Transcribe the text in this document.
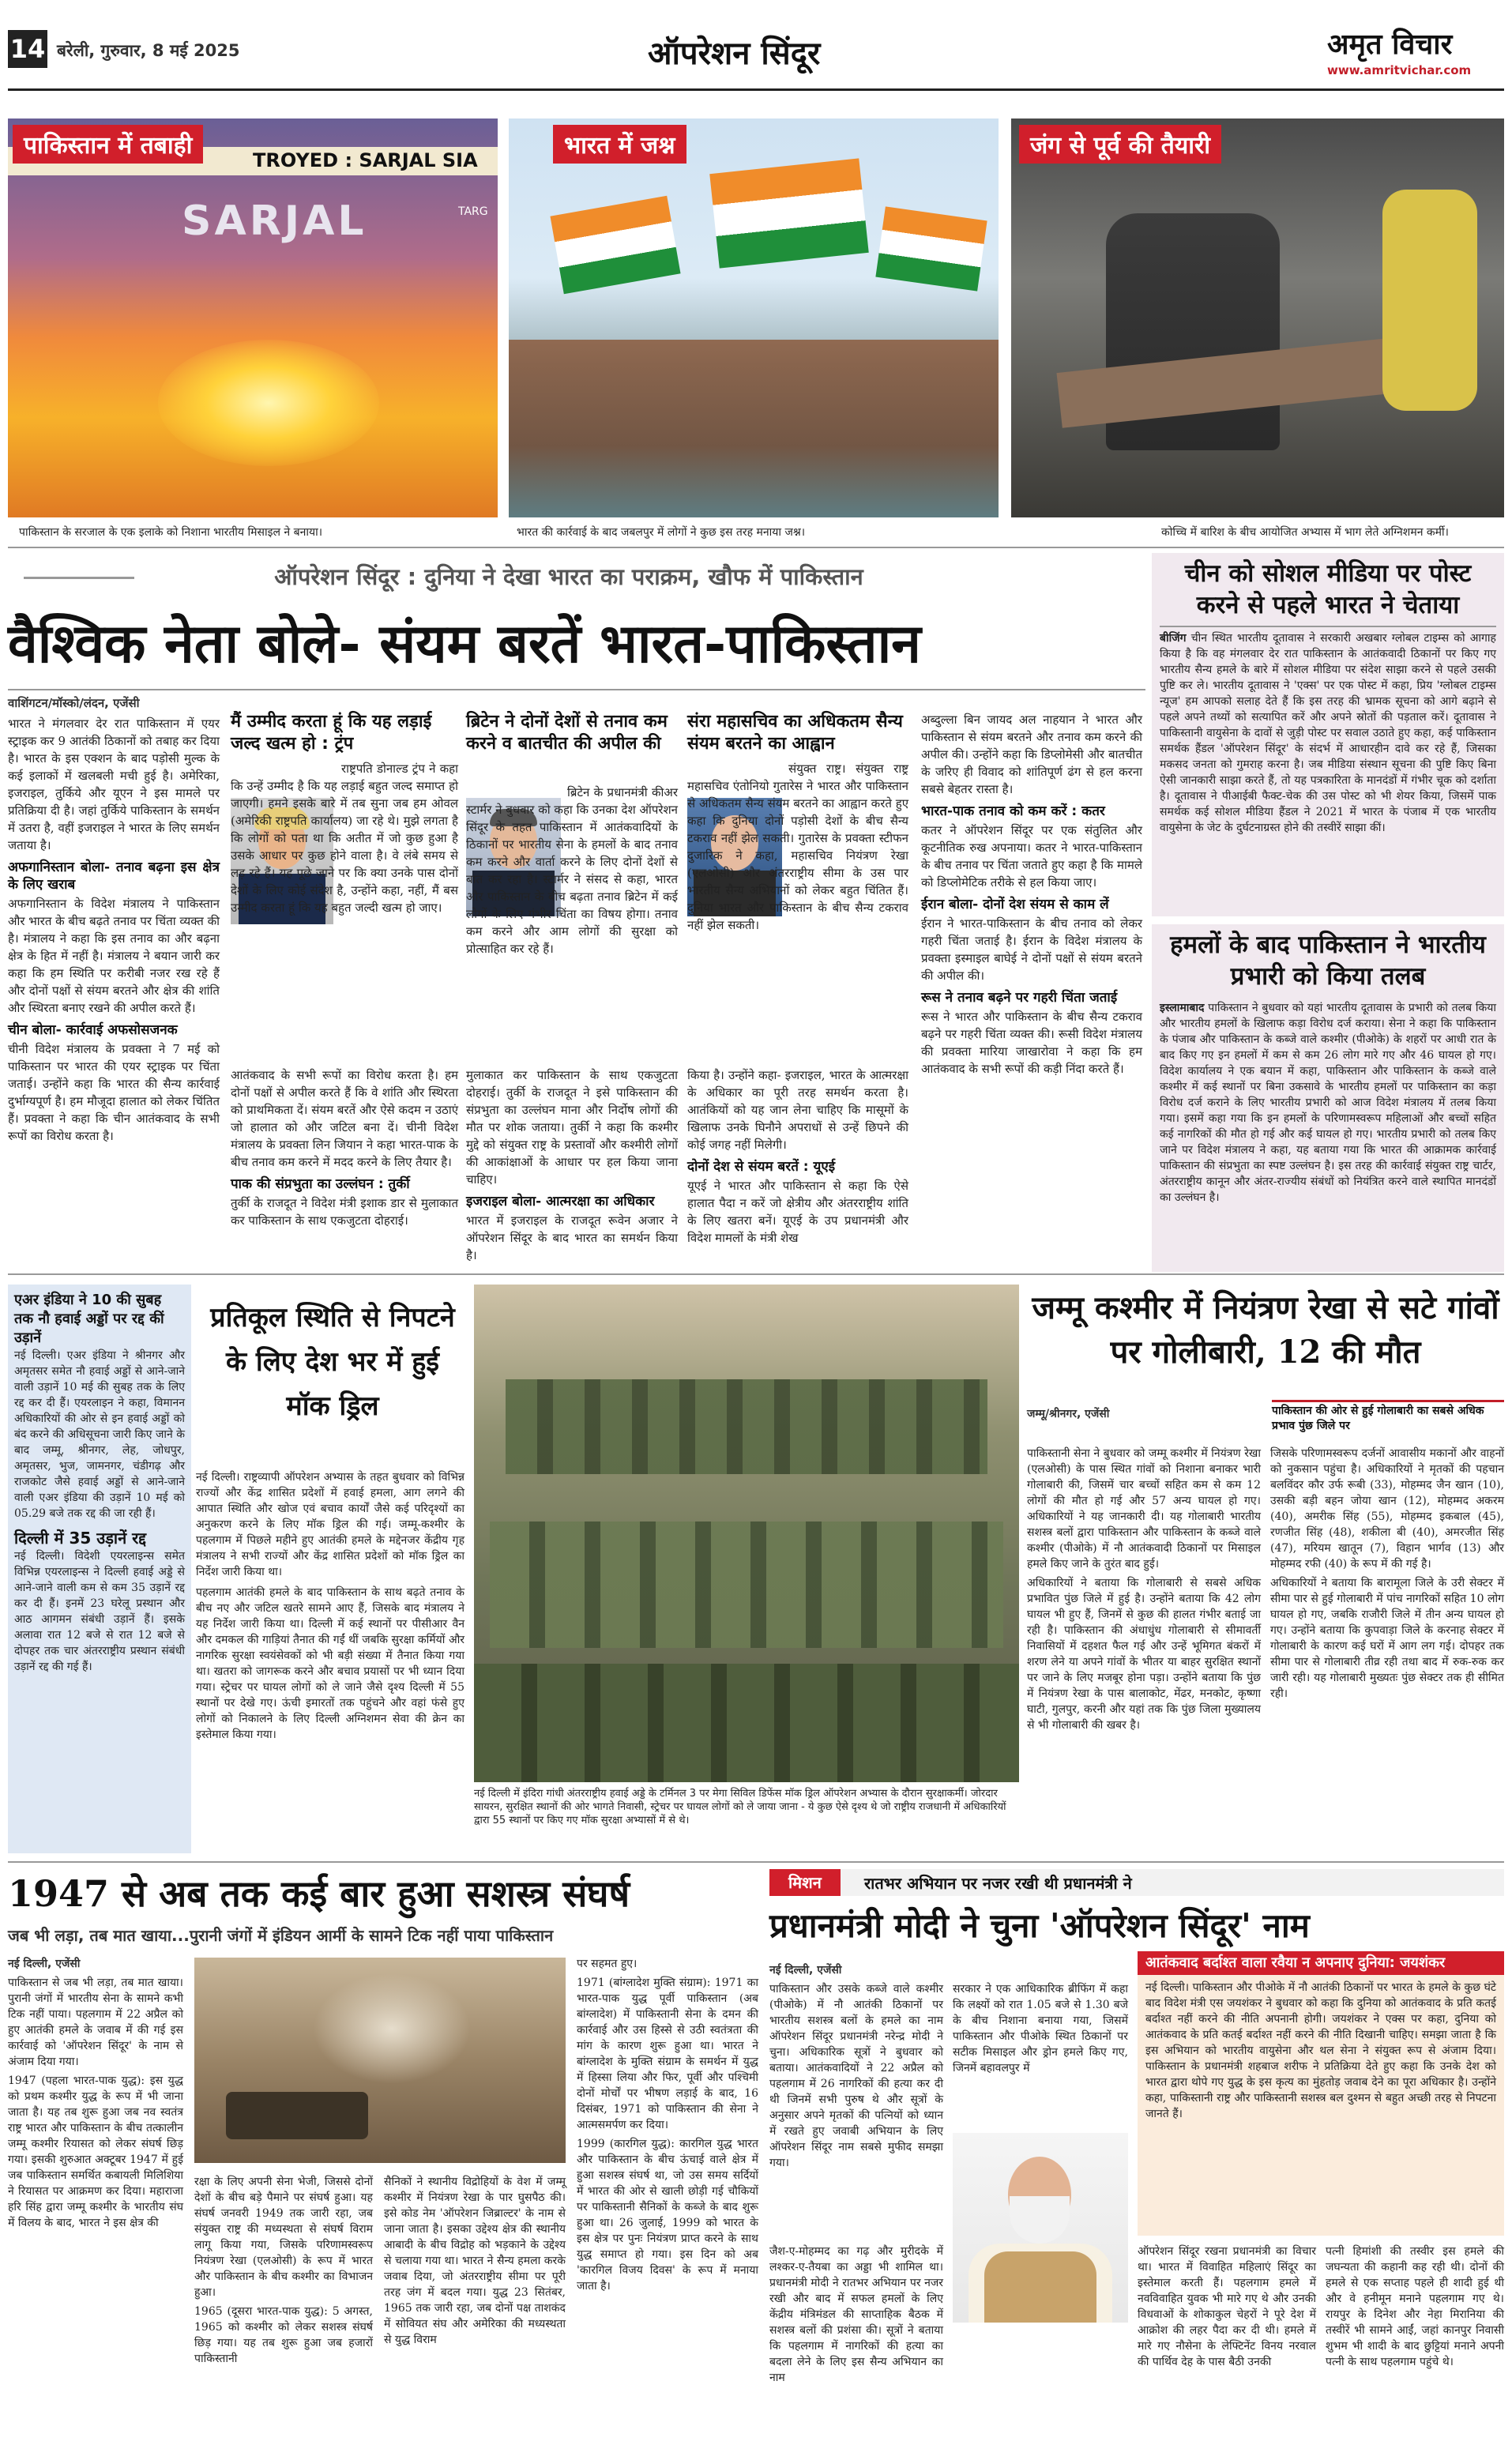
14 बरेली, गुरुवार, 8 मई 2025	ऑपरेशन सिंदूर	अमृत विचार
www.amritvichar.com
TROYED : SARJAL SIA
SARJAL	TARG
पाकिस्तान में तबाही
पाकिस्तान के सरजाल के एक इलाके को निशाना भारतीय मिसाइल ने बनाया।
भारत में जश्न
भारत की कार्रवाई के बाद जबलपुर में लोगों ने कुछ इस तरह मनाया जश्न।
जंग से पूर्व की तैयारी
कोच्चि में बारिश के बीच आयोजित अभ्यास में भाग लेते अग्निशमन कर्मी।
ऑपरेशन सिंदूर : दुनिया ने देखा भारत का पराक्रम, खौफ में पाकिस्तान
वैश्विक नेता बोले- संयम बरतें भारत-पाकिस्तान
वाशिंगटन/मॉस्को/लंदन, एजेंसी
भारत ने मंगलवार देर रात पाकिस्तान में एयर स्ट्राइक कर 9 आतंकी ठिकानों को तबाह कर दिया है। भारत के इस एक्शन के बाद पड़ोसी मुल्क के कई इलाकों में खलबली मची हुई है। अमेरिका, इजराइल, तुर्किये और यूएन ने इस मामले पर प्रतिक्रिया दी है। जहां तुर्किये पाकिस्तान के समर्थन में उतरा है, वहीं इजराइल ने भारत के लिए समर्थन जताया है।
अफगानिस्तान बोला- तनाव बढ़ना इस क्षेत्र के लिए खराब
अफगानिस्तान के विदेश मंत्रालय ने पाकिस्तान और भारत के बीच बढ़ते तनाव पर चिंता व्यक्त की है। मंत्रालय ने कहा कि इस तनाव का और बढ़ना क्षेत्र के हित में नहीं है। मंत्रालय ने बयान जारी कर कहा कि हम स्थिति पर करीबी नजर रख रहे हैं और दोनों पक्षों से संयम बरतने और क्षेत्र की शांति और स्थिरता बनाए रखने की अपील करते हैं।
चीन बोला- कार्रवाई अफसोसजनक
चीनी विदेश मंत्रालय के प्रवक्ता ने 7 मई को पाकिस्तान पर भारत की एयर स्ट्राइक पर चिंता जताई। उन्होंने कहा कि भारत की सैन्य कार्रवाई दुर्भाग्यपूर्ण है। हम मौजूदा हालात को लेकर चिंतित हैं। प्रवक्ता ने कहा कि चीन आतंकवाद के सभी रूपों का विरोध करता है।
मैं उम्मीद करता हूं कि यह लड़ाई जल्द खत्म हो : ट्रंप
राष्ट्रपति डोनाल्ड ट्रंप ने कहा कि उन्हें उम्मीद है कि यह लड़ाई बहुत जल्द समाप्त हो जाएगी। हमने इसके बारे में तब सुना जब हम ओवल (अमेरिकी राष्ट्रपति कार्यालय) जा रहे थे। मुझे लगता है कि लोगों को पता था कि अतीत में जो कुछ हुआ है उसके आधार पर कुछ होने वाला है। वे लंबे समय से लड़ रहे हैं। यह पूछे जाने पर कि क्या उनके पास दोनों देशों के लिए कोई संदेश है, उन्होंने कहा, नहीं, मैं बस उम्मीद करता हूं कि यह बहुत जल्दी खत्म हो जाए।
ब्रिटेन ने दोनों देशों से तनाव कम करने व बातचीत की अपील की
ब्रिटेन के प्रधानमंत्री कीअर स्टार्मर ने बुधवार को कहा कि उनका देश ऑपरेशन सिंदूर के तहत पाकिस्तान में आतंकवादियों के ठिकानों पर भारतीय सेना के हमलों के बाद तनाव कम करने और वार्ता करने के लिए दोनों देशों से बात कर रहा है। स्टार्मर ने संसद से कहा, भारत और पाकिस्तान के बीच बढ़ता तनाव ब्रिटेन में कई लोगों के लिए गंभीर चिंता का विषय होगा। तनाव कम करने और आम लोगों की सुरक्षा को प्रोत्साहित कर रहे हैं।
संरा महासचिव का अधिकतम सैन्य संयम बरतने का आह्वान
संयुक्त राष्ट्र। संयुक्त राष्ट्र महासचिव एंतोनियो गुतारेस ने भारत और पाकिस्तान से अधिकतम सैन्य संयम बरतने का आह्वान करते हुए कहा कि दुनिया दोनों पड़ोसी देशों के बीच सैन्य टकराव नहीं झेल सकती। गुतारेस के प्रवक्ता स्टीफन दुजारिक ने कहा, महासचिव नियंत्रण रेखा (एलओसी) और अंतरराष्ट्रीय सीमा के उस पार भारतीय सैन्य अभियानों को लेकर बहुत चिंतित हैं। दुनिया भारत और पाकिस्तान के बीच सैन्य टकराव नहीं झेल सकती।
अब्दुल्ला बिन जायद अल नाहयान ने भारत और पाकिस्तान से संयम बरतने और तनाव कम करने की अपील की। उन्होंने कहा कि डिप्लोमेसी और बातचीत के जरिए ही विवाद को शांतिपूर्ण ढंग से हल करना सबसे बेहतर रास्ता है।
भारत-पाक तनाव को कम करें : कतर
कतर ने ऑपरेशन सिंदूर पर एक संतुलित और कूटनीतिक रुख अपनाया। कतर ने भारत-पाकिस्तान के बीच तनाव पर चिंता जताते हुए कहा है कि मामले को डिप्लोमेटिक तरीके से हल किया जाए।
ईरान बोला- दोनों देश संयम से काम लें
ईरान ने भारत-पाकिस्तान के बीच तनाव को लेकर गहरी चिंता जताई है। ईरान के विदेश मंत्रालय के प्रवक्ता इस्माइल बाघेई ने दोनों पक्षों से संयम बरतने की अपील की।
रूस ने तनाव बढ़ने पर गहरी चिंता जताई
रूस ने भारत और पाकिस्तान के बीच सैन्य टकराव बढ़ने पर गहरी चिंता व्यक्त की। रूसी विदेश मंत्रालय की प्रवक्ता मारिया जाखारोवा ने कहा कि हम आतंकवाद के सभी रूपों की कड़ी निंदा करते हैं।
आतंकवाद के सभी रूपों का विरोध करता है। हम दोनों पक्षों से अपील करते हैं कि वे शांति और स्थिरता को प्राथमिकता दें। संयम बरतें और ऐसे कदम न उठाएं जो हालात को और जटिल बना दें। चीनी विदेश मंत्रालय के प्रवक्ता लिन जियान ने कहा भारत-पाक के बीच तनाव कम करने में मदद करने के लिए तैयार है।
पाक की संप्रभुता का उल्लंघन : तुर्की
तुर्की के राजदूत ने विदेश मंत्री इशाक डार से मुलाकात कर पाकिस्तान के साथ एकजुटता दोहराई।
मुलाकात कर पाकिस्तान के साथ एकजुटता दोहराई। तुर्की के राजदूत ने इसे पाकिस्तान की संप्रभुता का उल्लंघन माना और निर्दोष लोगों की मौत पर शोक जताया। तुर्की ने कहा कि कश्मीर मुद्दे को संयुक्त राष्ट्र के प्रस्तावों और कश्मीरी लोगों की आकांक्षाओं के आधार पर हल किया जाना चाहिए।
इजराइल बोला- आत्मरक्षा का अधिकार
भारत में इजराइल के राजदूत रूवेन अजार ने ऑपरेशन सिंदूर के बाद भारत का समर्थन किया है।
किया है। उन्होंने कहा- इजराइल, भारत के आत्मरक्षा के अधिकार का पूरी तरह समर्थन करता है। आतंकियों को यह जान लेना चाहिए कि मासूमों के खिलाफ उनके घिनौने अपराधों से उन्हें छिपने की कोई जगह नहीं मिलेगी।
दोनों देश से संयम बरतें : यूएई
यूएई ने भारत और पाकिस्तान से कहा कि ऐसे हालात पैदा न करें जो क्षेत्रीय और अंतरराष्ट्रीय शांति के लिए खतरा बनें। यूएई के उप प्रधानमंत्री और विदेश मामलों के मंत्री शेख
चीन को सोशल मीडिया पर पोस्ट करने से पहले भारत ने चेताया
बीजिंग चीन स्थित भारतीय दूतावास ने सरकारी अखबार ग्लोबल टाइम्स को आगाह किया है कि वह मंगलवार देर रात पाकिस्तान के आतंकवादी ठिकानों पर किए गए भारतीय सैन्य हमले के बारे में सोशल मीडिया पर संदेश साझा करने से पहले उसकी पुष्टि कर ले। भारतीय दूतावास ने 'एक्स' पर एक पोस्ट में कहा, प्रिय 'ग्लोबल टाइम्स न्यूज' हम आपको सलाह देते हैं कि इस तरह की भ्रामक सूचना को आगे बढ़ाने से पहले अपने तथ्यों को सत्यापित करें और अपने स्रोतों की पड़ताल करें। दूतावास ने पाकिस्तानी वायुसेना के दावों से जुड़ी पोस्ट पर सवाल उठाते हुए कहा, कई पाकिस्तान समर्थक हैंडल 'ऑपरेशन सिंदूर' के संदर्भ में आधारहीन दावे कर रहे हैं, जिसका मकसद जनता को गुमराह करना है। जब मीडिया संस्थान सूचना की पुष्टि किए बिना ऐसी जानकारी साझा करते हैं, तो यह पत्रकारिता के मानदंडों में गंभीर चूक को दर्शाता है। दूतावास ने पीआईबी फैक्ट-चेक की उस पोस्ट को भी शेयर किया, जिसमें पाक समर्थक कई सोशल मीडिया हैंडल ने 2021 में भारत के पंजाब में एक भारतीय वायुसेना के जेट के दुर्घटनाग्रस्त होने की तस्वीरें साझा कीं।
हमलों के बाद पाकिस्तान ने भारतीय प्रभारी को किया तलब
इस्लामाबाद पाकिस्तान ने बुधवार को यहां भारतीय दूतावास के प्रभारी को तलब किया और भारतीय हमलों के खिलाफ कड़ा विरोध दर्ज कराया। सेना ने कहा कि पाकिस्तान के पंजाब और पाकिस्तान के कब्जे वाले कश्मीर (पीओके) के शहरों पर आधी रात के बाद किए गए इन हमलों में कम से कम 26 लोग मारे गए और 46 घायल हो गए। विदेश कार्यालय ने एक बयान में कहा, पाकिस्तान और पाकिस्तान के कब्जे वाले कश्मीर में कई स्थानों पर बिना उकसावे के भारतीय हमलों पर पाकिस्तान का कड़ा विरोध दर्ज कराने के लिए भारतीय प्रभारी को आज विदेश मंत्रालय में तलब किया गया। इसमें कहा गया कि इन हमलों के परिणामस्वरूप महिलाओं और बच्चों सहित कई नागरिकों की मौत हो गई और कई घायल हो गए। भारतीय प्रभारी को तलब किए जाने पर विदेश मंत्रालय ने कहा, यह बताया गया कि भारत की आक्रामक कार्रवाई पाकिस्तान की संप्रभुता का स्पष्ट उल्लंघन है। इस तरह की कार्रवाई संयुक्त राष्ट्र चार्टर, अंतरराष्ट्रीय कानून और अंतर-राज्यीय संबंधों को नियंत्रित करने वाले स्थापित मानदंडों का उल्लंघन है।
एअर इंडिया ने 10 की सुबह तक नौ हवाई अड्डों पर रद्द कीं उड़ानें
नई दिल्ली। एअर इंडिया ने श्रीनगर और अमृतसर समेत नौ हवाई अड्डों से आने-जाने वाली उड़ानें 10 मई की सुबह तक के लिए रद्द कर दी हैं। एयरलाइन ने कहा, विमानन अधिकारियों की ओर से इन हवाई अड्डों को बंद करने की अधिसूचना जारी किए जाने के बाद जम्मू, श्रीनगर, लेह, जोधपुर, अमृतसर, भुज, जामनगर, चंडीगढ़ और राजकोट जैसे हवाई अड्डों से आने-जाने वाली एअर इंडिया की उड़ानें 10 मई को 05.29 बजे तक रद्द की जा रही हैं।
दिल्ली में 35 उड़ानें रद्द
नई दिल्ली। विदेशी एयरलाइन्स समेत विभिन्न एयरलाइन्स ने दिल्ली हवाई अड्डे से आने-जाने वाली कम से कम 35 उड़ानें रद्द कर दी हैं। इनमें 23 घरेलू प्रस्थान और आठ आगमन संबंधी उड़ानें हैं। इसके अलावा रात 12 बजे से रात 12 बजे से दोपहर तक चार अंतरराष्ट्रीय प्रस्थान संबंधी उड़ानें रद्द की गई हैं।
प्रतिकूल स्थिति से निपटने के लिए देश भर में हुई मॉक ड्रिल
नई दिल्ली। राष्ट्रव्यापी ऑपरेशन अभ्यास के तहत बुधवार को विभिन्न राज्यों और केंद्र शासित प्रदेशों में हवाई हमला, आग लगने की आपात स्थिति और खोज एवं बचाव कार्यों जैसे कई परिदृश्यों का अनुकरण करने के लिए मॉक ड्रिल की गई। जम्मू-कश्मीर के पहलगाम में पिछले महीने हुए आतंकी हमले के मद्देनजर केंद्रीय गृह मंत्रालय ने सभी राज्यों और केंद्र शासित प्रदेशों को मॉक ड्रिल का निर्देश जारी किया था।
पहलगाम आतंकी हमले के बाद पाकिस्तान के साथ बढ़ते तनाव के बीच नए और जटिल खतरे सामने आए हैं, जिसके बाद मंत्रालय ने यह निर्देश जारी किया था। दिल्ली में कई स्थानों पर पीसीआर वैन और दमकल की गाड़ियां तैनात की गईं थीं जबकि सुरक्षा कर्मियों और नागरिक सुरक्षा स्वयंसेवकों को भी बड़ी संख्या में तैनात किया गया था। खतरा को जागरूक करने और बचाव प्रयासों पर भी ध्यान दिया गया। स्ट्रेचर पर घायल लोगों को ले जाने जैसे दृश्य दिल्ली में 55 स्थानों पर देखे गए। ऊंची इमारतों तक पहुंचने और वहां फंसे हुए लोगों को निकालने के लिए दिल्ली अग्निशमन सेवा की क्रेन का इस्तेमाल किया गया।
नई दिल्ली में इंदिरा गांधी अंतरराष्ट्रीय हवाई अड्डे के टर्मिनल 3 पर मेगा सिविल डिफेंस मॉक ड्रिल ऑपरेशन अभ्यास के दौरान सुरक्षाकर्मी। जोरदार सायरन, सुरक्षित स्थानों की ओर भागते निवासी, स्ट्रेचर पर घायल लोगों को ले जाया जाना - ये कुछ ऐसे दृश्य थे जो राष्ट्रीय राजधानी में अधिकारियों द्वारा 55 स्थानों पर किए गए मॉक सुरक्षा अभ्यासों में से थे।
जम्मू कश्मीर में नियंत्रण रेखा से सटे गांवों पर गोलीबारी, 12 की मौत
जम्मू/श्रीनगर, एजेंसी	पाकिस्तान की ओर से हुई गोलाबारी का सबसे अधिक प्रभाव पुंछ जिले पर
पाकिस्तानी सेना ने बुधवार को जम्मू कश्मीर में नियंत्रण रेखा (एलओसी) के पास स्थित गांवों को निशाना बनाकर भारी गोलाबारी की, जिसमें चार बच्चों सहित कम से कम 12 लोगों की मौत हो गई और 57 अन्य घायल हो गए। अधिकारियों ने यह जानकारी दी। यह गोलाबारी भारतीय सशस्त्र बलों द्वारा पाकिस्तान और पाकिस्तान के कब्जे वाले कश्मीर (पीओके) में नौ आतंकवादी ठिकानों पर मिसाइल हमले किए जाने के तुरंत बाद हुई।
अधिकारियों ने बताया कि गोलाबारी से सबसे अधिक प्रभावित पुंछ जिले में हुई है। उन्होंने बताया कि 42 लोग घायल भी हुए हैं, जिनमें से कुछ की हालत गंभीर बताई जा रही है। पाकिस्तान की अंधाधुंध गोलाबारी से सीमावर्ती निवासियों में दहशत फैल गई और उन्हें भूमिगत बंकरों में शरण लेने या अपने गांवों के भीतर या बाहर सुरक्षित स्थानों पर जाने के लिए मजबूर होना पड़ा। उन्होंने बताया कि पुंछ में नियंत्रण रेखा के पास बालाकोट, मेंढर, मनकोट, कृष्णा घाटी, गुलपुर, करनी और यहां तक कि पुंछ जिला मुख्यालय से भी गोलाबारी की खबर है।
जिसके परिणामस्वरूप दर्जनों आवासीय मकानों और वाहनों को नुकसान पहुंचा है। अधिकारियों ने मृतकों की पहचान बलविंदर कौर उर्फ रूबी (33), मोहम्मद जैन खान (10), उसकी बड़ी बहन जोया खान (12), मोहम्मद अकरम (40), अमरीक सिंह (55), मोहम्मद इकबाल (45), रणजीत सिंह (48), शकीला बी (40), अमरजीत सिंह (47), मरियम खातून (7), विहान भार्गव (13) और मोहम्मद रफी (40) के रूप में की गई है।
अधिकारियों ने बताया कि बारामूला जिले के उरी सेक्टर में सीमा पार से हुई गोलाबारी में पांच नागरिकों सहित 10 लोग घायल हो गए, जबकि राजौरी जिले में तीन अन्य घायल हो गए। उन्होंने बताया कि कुपवाड़ा जिले के करनाह सेक्टर में गोलाबारी के कारण कई घरों में आग लग गई। दोपहर तक सीमा पार से गोलाबारी तीव्र रही तथा बाद में रुक-रुक कर जारी रही। यह गोलाबारी मुख्यतः पुंछ सेक्टर तक ही सीमित रही।
1947 से अब तक कई बार हुआ सशस्त्र संघर्ष
जब भी लड़ा, तब मात खाया...पुरानी जंगों में इंडियन आर्मी के सामने टिक नहीं पाया पाकिस्तान
नई दिल्ली, एजेंसी
पाकिस्तान से जब भी लड़ा, तब मात खाया। पुरानी जंगों में भारतीय सेना के सामने कभी टिक नहीं पाया। पहलगाम में 22 अप्रैल को हुए आतंकी हमले के जवाब में की गई इस कार्रवाई को 'ऑपरेशन सिंदूर' के नाम से अंजाम दिया गया।
1947 (पहला भारत-पाक युद्ध): इस युद्ध को प्रथम कश्मीर युद्ध के रूप में भी जाना जाता है। यह तब शुरू हुआ जब नव स्वतंत्र राष्ट्र भारत और पाकिस्तान के बीच तत्कालीन जम्मू कश्मीर रियासत को लेकर संघर्ष छिड़ गया। इसकी शुरुआत अक्टूबर 1947 में हुई जब पाकिस्तान समर्थित कबायली मिलिशिया ने रियासत पर आक्रमण कर दिया। महाराजा हरि सिंह द्वारा जम्मू कश्मीर के भारतीय संघ में विलय के बाद, भारत ने इस क्षेत्र की
रक्षा के लिए अपनी सेना भेजी, जिससे दोनों देशों के बीच बड़े पैमाने पर संघर्ष हुआ। यह संघर्ष जनवरी 1949 तक जारी रहा, जब संयुक्त राष्ट्र की मध्यस्थता से संघर्ष विराम लागू किया गया, जिसके परिणामस्वरूप नियंत्रण रेखा (एलओसी) के रूप में भारत और पाकिस्तान के बीच कश्मीर का विभाजन हुआ।
1965 (दूसरा भारत-पाक युद्ध): 5 अगस्त, 1965 को कश्मीर को लेकर सशस्त्र संघर्ष छिड़ गया। यह तब शुरू हुआ जब हजारों पाकिस्तानी
सैनिकों ने स्थानीय विद्रोहियों के वेश में जम्मू कश्मीर में नियंत्रण रेखा के पार घुसपैठ की। इसे कोड नेम 'ऑपरेशन जिब्राल्टर' के नाम से जाना जाता है। इसका उद्देश्य क्षेत्र की स्थानीय आबादी के बीच विद्रोह को भड़काने के उद्देश्य से चलाया गया था। भारत ने सैन्य हमला करके जवाब दिया, जो अंतरराष्ट्रीय सीमा पर पूरी तरह जंग में बदल गया। युद्ध 23 सितंबर, 1965 तक जारी रहा, जब दोनों पक्ष ताशकंद में सोवियत संघ और अमेरिका की मध्यस्थता से युद्ध विराम
पर सहमत हुए।
1971 (बांग्लादेश मुक्ति संग्राम): 1971 का भारत-पाक युद्ध पूर्वी पाकिस्तान (अब बांग्लादेश) में पाकिस्तानी सेना के दमन की कार्रवाई और उस हिस्से से उठी स्वतंत्रता की मांग के कारण शुरू हुआ था। भारत ने बांग्लादेश के मुक्ति संग्राम के समर्थन में युद्ध में हिस्सा लिया और फिर, पूर्वी और पश्चिमी दोनों मोर्चों पर भीषण लड़ाई के बाद, 16 दिसंबर, 1971 को पाकिस्तान की सेना ने आत्मसमर्पण कर दिया।
1999 (कारगिल युद्ध): कारगिल युद्ध भारत और पाकिस्तान के बीच ऊंचाई वाले क्षेत्र में हुआ सशस्त्र संघर्ष था, जो उस समय सर्दियों में भारत की ओर से खाली छोड़ी गई चौकियों पर पाकिस्तानी सैनिकों के कब्जे के बाद शुरू हुआ था। 26 जुलाई, 1999 को भारत के इस क्षेत्र पर पुनः नियंत्रण प्राप्त करने के साथ युद्ध समाप्त हो गया। इस दिन को अब 'कारगिल विजय दिवस' के रूप में मनाया जाता है।
मिशन	रातभर अभियान पर नजर रखी थी प्रधानमंत्री ने
प्रधानमंत्री मोदी ने चुना 'ऑपरेशन सिंदूर' नाम
नई दिल्ली, एजेंसी
पाकिस्तान और उसके कब्जे वाले कश्मीर (पीओके) में नौ आतंकी ठिकानों पर भारतीय सशस्त्र बलों के हमले का नाम ऑपरेशन सिंदूर प्रधानमंत्री नरेन्द्र मोदी ने चुना। अधिकारिक सूत्रों ने बुधवार को बताया। आतंकवादियों ने 22 अप्रैल को पहलगाम में 26 नागरिकों की हत्या कर दी थी जिनमें सभी पुरुष थे और सूत्रों के अनुसार अपने मृतकों की पत्नियों को ध्यान में रखते हुए जवाबी अभियान के लिए ऑपरेशन सिंदूर नाम सबसे मुफीद समझा गया।
सरकार ने एक आधिकारिक ब्रीफिंग में कहा कि लक्ष्यों को रात 1.05 बजे से 1.30 बजे के बीच निशाना बनाया गया, जिसमें पाकिस्तान और पीओके स्थित ठिकानों पर सटीक मिसाइल और ड्रोन हमले किए गए, जिनमें बहावलपुर में
आतंकवाद बर्दाश्त वाला रवैया न अपनाए दुनिया: जयशंकर
नई दिल्ली। पाकिस्तान और पीओके में नौ आतंकी ठिकानों पर भारत के हमले के कुछ घंटे बाद विदेश मंत्री एस जयशंकर ने बुधवार को कहा कि दुनिया को आतंकवाद के प्रति कतई बर्दाश्त नहीं करने की नीति अपनानी होगी। जयशंकर ने एक्स पर कहा, दुनिया को आतंकवाद के प्रति कतई बर्दाश्त नहीं करने की नीति दिखानी चाहिए। समझा जाता है कि इस अभियान को भारतीय वायुसेना और थल सेना ने संयुक्त रूप से अंजाम दिया। पाकिस्तान के प्रधानमंत्री शहबाज शरीफ ने प्रतिक्रिया देते हुए कहा कि उनके देश को भारत द्वारा थोपे गए युद्ध के इस कृत्य का मुंहतोड़ जवाब देने का पूरा अधिकार है। उन्होंने कहा, पाकिस्तानी राष्ट्र और पाकिस्तानी सशस्त्र बल दुश्मन से बहुत अच्छी तरह से निपटना जानते हैं।
जैश-ए-मोहम्मद का गढ़ और मुरीदके में लश्कर-ए-तैयबा का अड्डा भी शामिल था। प्रधानमंत्री मोदी ने रातभर अभियान पर नजर रखी और बाद में सफल हमलों के लिए केंद्रीय मंत्रिमंडल की साप्ताहिक बैठक में सशस्त्र बलों की प्रशंसा की। सूत्रों ने बताया कि पहलगाम में नागरिकों की हत्या का बदला लेने के लिए इस सैन्य अभियान का नाम
ऑपरेशन सिंदूर रखना प्रधानमंत्री का विचार था। भारत में विवाहित महिलाएं सिंदूर का इस्तेमाल करती हैं। पहलगाम हमले में नवविवाहित युवक भी मारे गए थे और उनकी विधवाओं के शोकाकुल चेहरों ने पूरे देश में आक्रोश की लहर पैदा कर दी थी। हमले में मारे गए नौसेना के लेफ्टिनेंट विनय नरवाल की पार्थिव देह के पास बैठी उनकी
पत्नी हिमांशी की तस्वीर इस हमले की जघन्यता की कहानी कह रही थी। दोनों की हमले से एक सप्ताह पहले ही शादी हुई थी और वे हनीमून मनाने पहलगाम गए थे। रायपुर के दिनेश और नेहा मिरानिया की तस्वीरें भी सामने आईं, जहां कानपुर निवासी शुभम भी शादी के बाद छुट्टियां मनाने अपनी पत्नी के साथ पहलगाम पहुंचे थे।
